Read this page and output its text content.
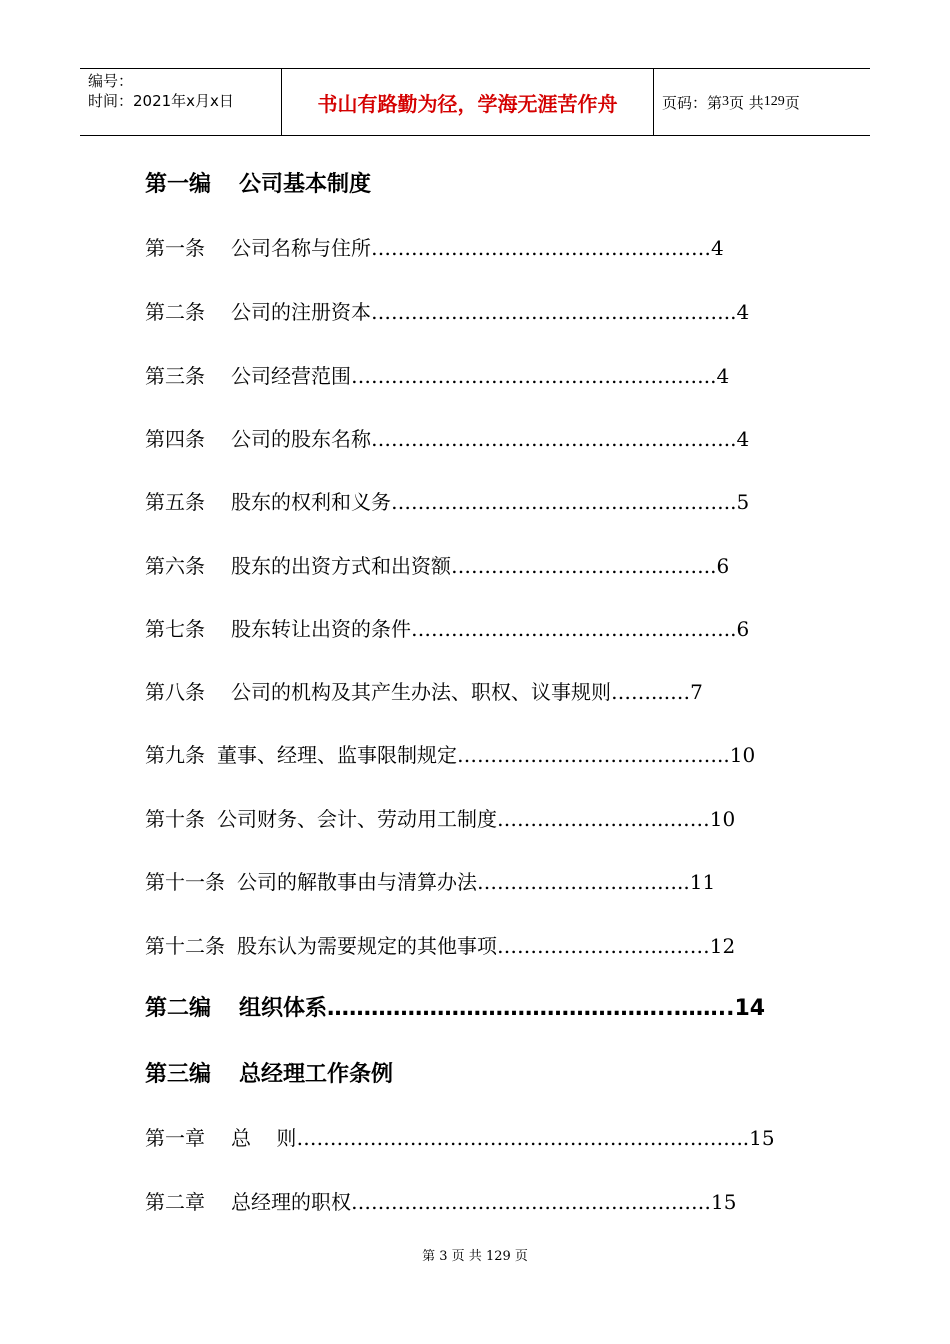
编号：
时间：2021年x月x日	书山有路勤为径，学海无涯苦作舟	页码：第 3 页 共 129 页
第一编 公司基本制度
第一条 公司名称与住所……………………………………………4
第二条 公司的注册资本………………………………………..……..4
第三条 公司经营范围…………………………………..…………..4
第四条 公司的股东名称………………………………………..……..4
第五条 股东的权利和义务……………………………………..……..5
第六条 股东的出资方式和出资额…………………………..……..6
第七条 股东转让出资的条件…………………………………..……..6
第八条 公司的机构及其产生办法、职权、议事规则……...…7
第九条 董事、经理、监事限制规定…………………………………..10
第十条 公司财务、会计、劳动用工制度……………………..……10
第十一条 公司的解散事由与清算办法…………………………..11
第十二条 股东认为需要规定的其他事项……………………..……12
第二编 组织体系………………………………………..……..14
第三编 总经理工作条例
第一章 总    则…………………………………………………………..15
第二章 总经理的职权………………………………………………15
第 3 页 共 129 页
